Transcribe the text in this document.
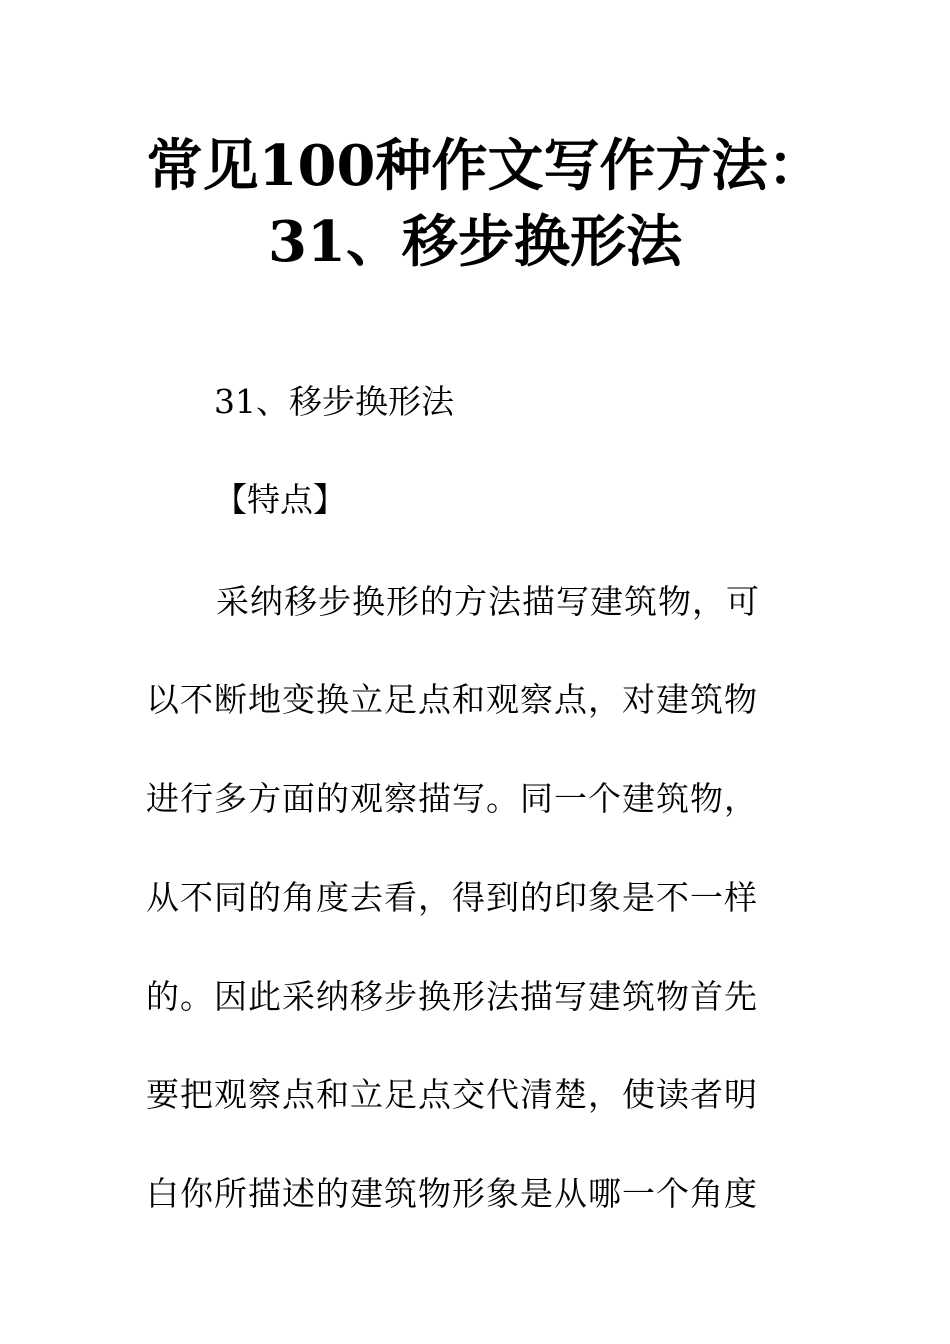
常见100种作文写作方法：
31、移步换形法
31、移步换形法
【特点】
采纳移步换形的方法描写建筑物，可
以不断地变换立足点和观察点，对建筑物
进行多方面的观察描写。同一个建筑物，
从不同的角度去看，得到的印象是不一样
的。因此采纳移步换形法描写建筑物首先
要把观察点和立足点交代清楚，使读者明
白你所描述的建筑物形象是从哪一个角度
